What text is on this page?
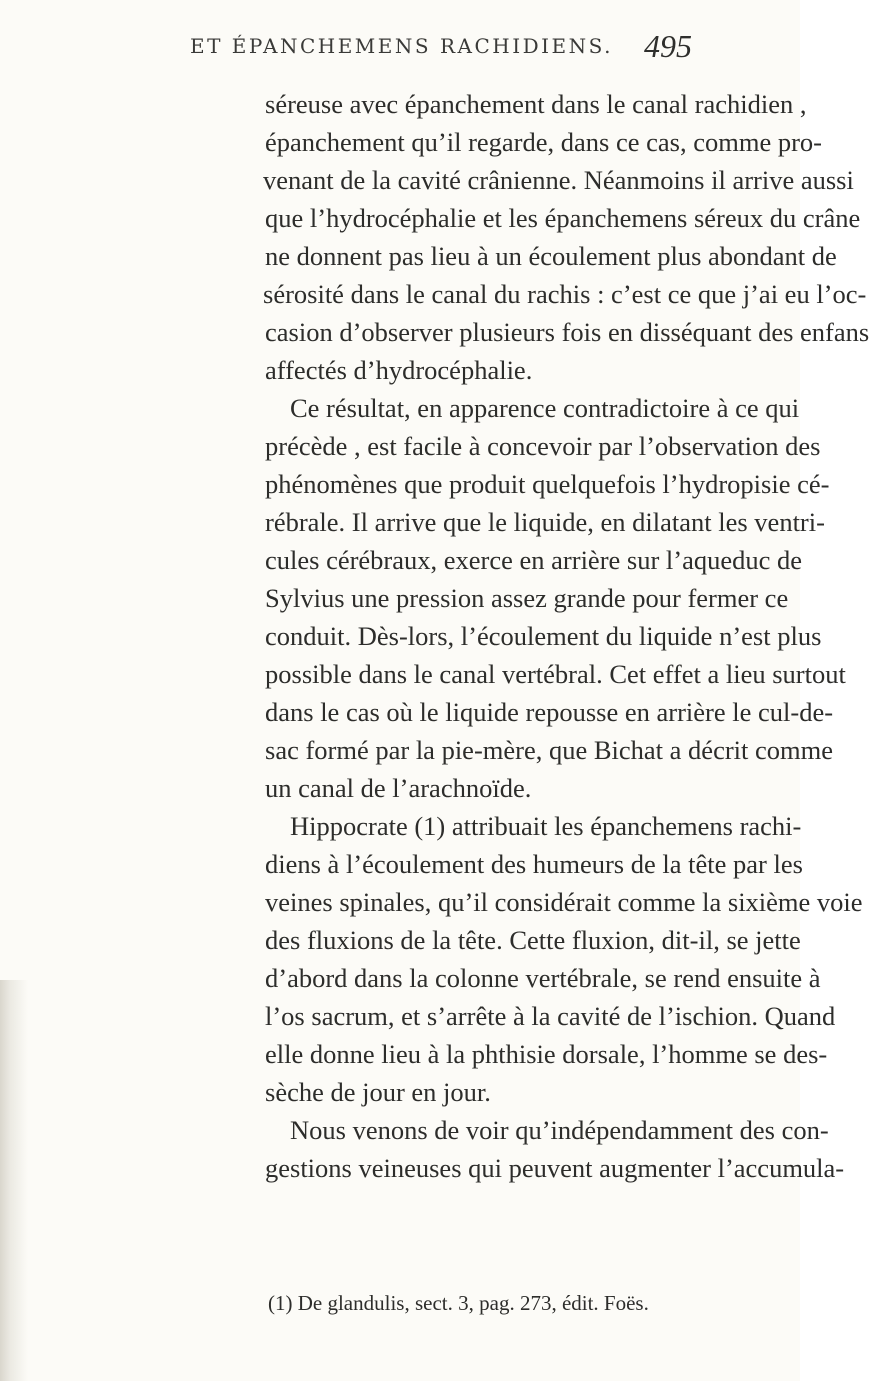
ET ÉPANCHEMENS RACHIDIENS. 495
séreuse avec épanchement dans le canal rachidien ,
épanchement qu’il regarde, dans ce cas, comme pro-
venant de la cavité crânienne. Néanmoins il arrive aussi
que l’hydrocéphalie et les épanchemens séreux du crâne
ne donnent pas lieu à un écoulement plus abondant de
sérosité dans le canal du rachis : c’est ce que j’ai eu l’oc-
casion d’observer plusieurs fois en disséquant des enfans
affectés d’hydrocéphalie.
Ce résultat, en apparence contradictoire à ce qui
précède , est facile à concevoir par l’observation des
phénomènes que produit quelquefois l’hydropisie cé-
rébrale. Il arrive que le liquide, en dilatant les ventri-
cules cérébraux, exerce en arrière sur l’aqueduc de
Sylvius une pression assez grande pour fermer ce
conduit. Dès-lors, l’écoulement du liquide n’est plus
possible dans le canal vertébral. Cet effet a lieu surtout
dans le cas où le liquide repousse en arrière le cul-de-
sac formé par la pie-mère, que Bichat a décrit comme
un canal de l’arachnoïde.
Hippocrate (1) attribuait les épanchemens rachi-
diens à l’écoulement des humeurs de la tête par les
veines spinales, qu’il considérait comme la sixième voie
des fluxions de la tête. Cette fluxion, dit-il, se jette
d’abord dans la colonne vertébrale, se rend ensuite à
l’os sacrum, et s’arrête à la cavité de l’ischion. Quand
elle donne lieu à la phthisie dorsale, l’homme se des-
sèche de jour en jour.
Nous venons de voir qu’indépendamment des con-
gestions veineuses qui peuvent augmenter l’accumula-
(1) De glandulis, sect. 3, pag. 273, édit. Foës.
